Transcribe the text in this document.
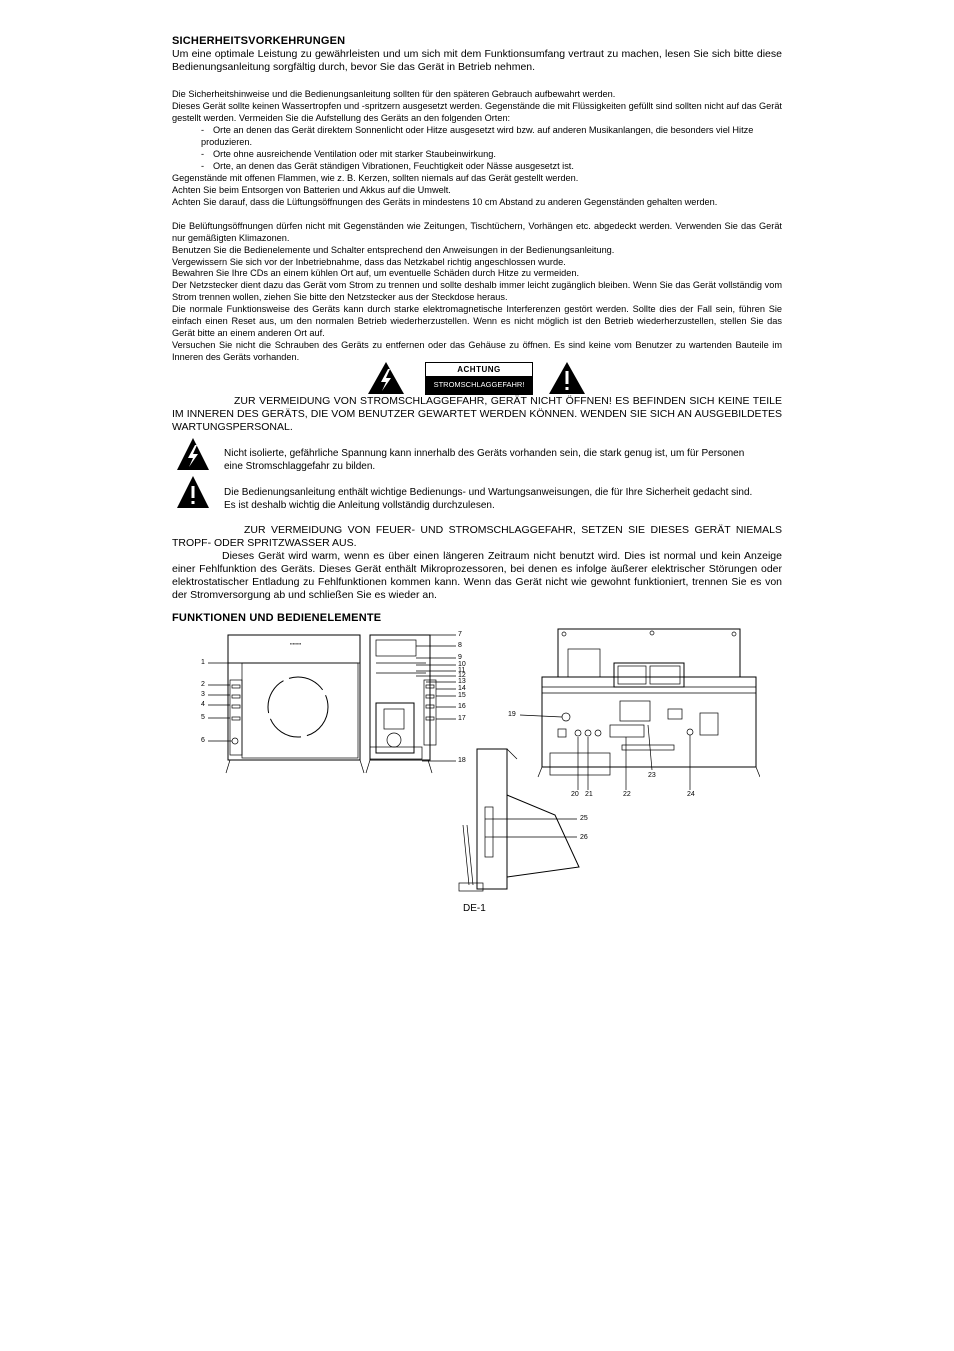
SICHERHEITSVORKEHRUNGEN
Um eine optimale Leistung zu gewährleisten und um sich mit dem Funktionsumfang vertraut zu machen, lesen Sie sich bitte diese Bedienungsanleitung sorgfältig durch, bevor Sie das Gerät in Betrieb nehmen.
Die Sicherheitshinweise und die Bedienungsanleitung sollten für den späteren Gebrauch aufbewahrt werden.
Dieses Gerät sollte keinen Wassertropfen und -spritzern ausgesetzt werden. Gegenstände die mit Flüssigkeiten gefüllt sind sollten nicht auf das Gerät gestellt werden. Vermeiden Sie die Aufstellung des Geräts an den folgenden Orten:
- Orte an denen das Gerät direktem Sonnenlicht oder Hitze ausgesetzt wird bzw. auf anderen Musikanlangen, die besonders viel Hitze produzieren.
- Orte ohne ausreichende Ventilation oder mit starker Staubeinwirkung.
- Orte, an denen das Gerät ständigen Vibrationen, Feuchtigkeit oder Nässe ausgesetzt ist.
Gegenstände mit offenen Flammen, wie z. B. Kerzen, sollten niemals auf das Gerät gestellt werden.
Achten Sie beim Entsorgen von Batterien und Akkus auf die Umwelt.
Achten Sie darauf, dass die Lüftungsöffnungen des Geräts in mindestens 10 cm Abstand zu anderen Gegenständen gehalten werden.
Die Belüftungsöffnungen dürfen nicht mit Gegenständen wie Zeitungen, Tischtüchern, Vorhängen etc. abgedeckt werden. Verwenden Sie das Gerät nur gemäßigten Klimazonen.
Benutzen Sie die Bedienelemente und Schalter entsprechend den Anweisungen in der Bedienungsanleitung.
Vergewissern Sie sich vor der Inbetriebnahme, dass das Netzkabel richtig angeschlossen wurde.
Bewahren Sie Ihre CDs an einem kühlen Ort auf, um eventuelle Schäden durch Hitze zu vermeiden.
Der Netzstecker dient dazu das Gerät vom Strom zu trennen und sollte deshalb immer leicht zugänglich bleiben. Wenn Sie das Gerät vollständig vom Strom trennen wollen, ziehen Sie bitte den Netzstecker aus der Steckdose heraus.
Die normale Funktionsweise des Geräts kann durch starke elektromagnetische Interferenzen gestört werden. Sollte dies der Fall sein, führen Sie einfach einen Reset aus, um den normalen Betrieb wiederherzustellen. Wenn es nicht möglich ist den Betrieb wiederherzustellen, stellen Sie das Gerät bitte an einem anderen Ort auf.
Versuchen Sie nicht die Schrauben des Geräts zu entfernen oder das Gehäuse zu öffnen. Es sind keine vom Benutzer zu wartenden Bauteile im Inneren des Geräts vorhanden.
ACHTUNG
STROMSCHLAGGEFAHR!
ZUR VERMEIDUNG VON STROMSCHLAGGEFAHR, GERÄT NICHT ÖFFNEN! ES BEFINDEN SICH KEINE TEILE IM INNEREN DES GERÄTS, DIE VOM BENUTZER GEWARTET WERDEN KÖNNEN. WENDEN SIE SICH AN AUSGEBILDETES WARTUNGSPERSONAL.
Nicht isolierte, gefährliche Spannung kann innerhalb des Geräts vorhanden sein, die stark genug ist, um für Personen eine Stromschlaggefahr zu bilden.
Die Bedienungsanleitung enthält wichtige Bedienungs- und Wartungsanweisungen, die für Ihre Sicherheit gedacht sind. Es ist deshalb wichtig die Anleitung vollständig durchzulesen.
ZUR VERMEIDUNG VON FEUER- UND STROMSCHLAGGEFAHR, SETZEN SIE DIESES GERÄT NIEMALS TROPF- ODER SPRITZWASSER AUS.
Dieses Gerät wird warm, wenn es über einen längeren Zeitraum nicht benutzt wird. Dies ist normal und kein Anzeige einer Fehlfunktion des Geräts. Dieses Gerät enthält Mikroprozessoren, bei denen es infolge äußerer elektrischer Störungen oder elektrostatischer Entladung zu Fehlfunktionen kommen kann. Wenn das Gerät nicht wie gewohnt funktioniert, trennen Sie es von der Stromversorgung ab und schließen Sie es wieder an.
FUNKTIONEN UND BEDIENELEMENTE
▪▪▪▪▪▪▪▪
1
2
3
4
5
6
7
8
9
10
11
12
13
14
15
16
17
18
19
20 21	22
23
24
25
26
DE-1
